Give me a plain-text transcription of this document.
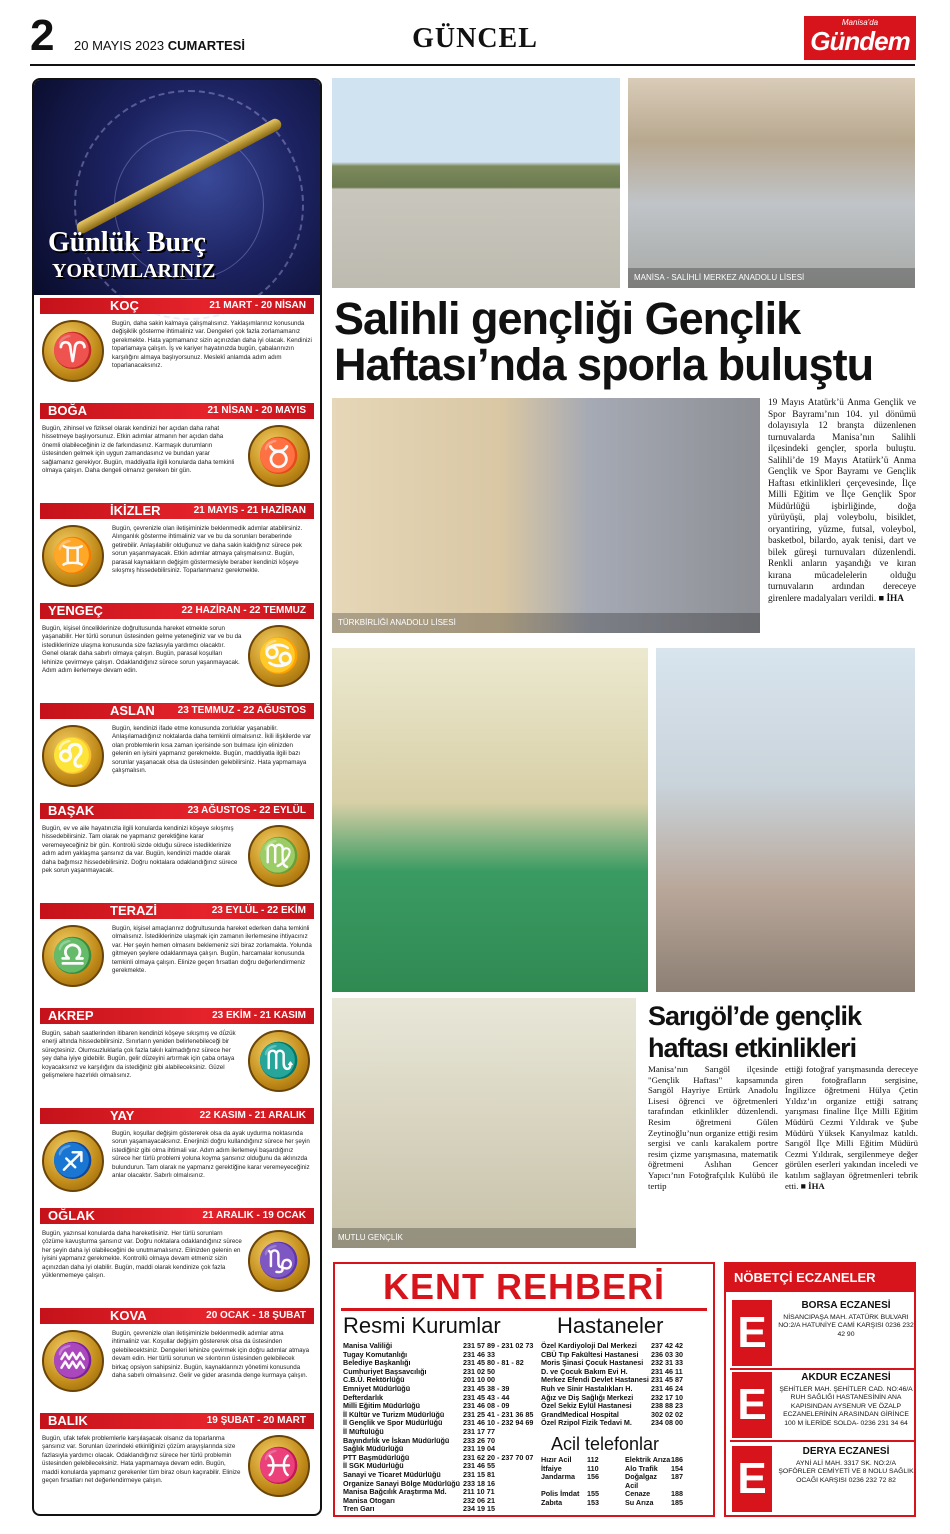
2 20 MAYIS 2023 CUMARTESİ	GÜNCEL
Manisa'da
Gündem
Günlük Burç
YORUMLARINIZ
KOÇ	21 MART - 20 NİSAN
♈
Bugün, daha sakin kalmaya çalışmalısınız. Yaklaşımlarınız konusunda değişiklik gösterme ihtimaliniz var. Dengeleri çok fazla zorlamamanız gerekmekte. Hata yapmamanız sizin açınızdan daha iyi olacak. Kendinizi toparlamaya çalışın. İş ve kariyer hayatınızda bugün, çabalarınızın karşılığını almaya başlıyorsunuz. Meslekî anlamda adım adım toparlanacaksınız.
BOĞA	21 NİSAN - 20 MAYIS
♉
Bugün, zihinsel ve fiziksel olarak kendinizi her açıdan daha rahat hissetmeye başlıyorsunuz. Etkin adımlar atmanın her açıdan daha önemli olabileceğinin iz de farkındasınız. Karmaşık durumların üstesinden gelmek için uygun zamandasınız ve bundan yarar sağlamanız gerekiyor. Bugün, maddiyatla ilgili konularda daha temkinli olmaya çalışın. Daha dengeli olmanız gereken bir gün.
İKİZLER	21 MAYIS - 21 HAZİRAN
♊
Bugün, çevrenizle olan iletişiminizle beklenmedik adımlar atabilirsiniz. Alınganlık gösterme ihtimaliniz var ve bu da sorunları beraberinde getirebilir. Anlaşılabilir olduğunuz ve daha sakin kaldığınız sürece pek sorun yaşanmayacak. Etkin adımlar atmaya çalışmalısınız. Bugün, parasal kaynakların değişim göstermesiyle beraber kendinizi köşeye sıkışmış hissedebilirsiniz. Toparlanmanız gerekmekte.
YENGEÇ	22 HAZİRAN - 22 TEMMUZ
♋
Bugün, kişisel önceliklerinize doğrultusunda hareket etmekte sorun yaşanabilir. Her türlü sorunun üstesinden gelme yeteneğiniz var ve bu da istediklerinize ulaşma konusunda size fazlasıyla yardımcı olacaktır. Genel olarak daha sabırlı olmaya çalışın. Bugün, parasal koşulları lehinize çevirmeye çalışın. Odaklandığınız sürece sorun yaşanmayacak. Adım adım ilerlemeye devam edin.
ASLAN 23 TEMMUZ - 22 AĞUSTOS
♌
Bugün, kendinizi ifade etme konusunda zorluklar yaşanabilir. Anlaşılamadığınız noktalarda daha temkinli olmalısınız. İkili ilişkilerde var olan problemlerin kısa zaman içerisinde son bulması için elinizden gelenin en iyisini yapmanız gerekmekte. Bugün, maddiyatla ilgili bazı sorunlar yaşanacak olsa da üstesinden gelebilirsiniz. Hata yapmamaya çalışmalısın.
BAŞAK	23 AĞUSTOS - 22 EYLÜL
♍
Bugün, ev ve aile hayatınızla ilgili konularda kendinizi köşeye sıkışmış hissedebilirsiniz. Tam olarak ne yapmanız gerektiğine karar veremeyeceğiniz bir gün. Kontrolü sizde olduğu sürece istediklerinize adım adım yaklaşma şansınız da var. Bugün, kendinizi madde olarak daha bağımsız hissedebilirsiniz. Doğru noktalara odaklandığınız sürece pek sorun yaşanmayacak.
TERAZİ	23 EYLÜL - 22 EKİM
♎
Bugün, kişisel amaçlarınız doğrultusunda hareket ederken daha temkinli olmalısınız. İstediklerinize ulaşmak için zamanın ilerlemesine ihtiyacınız var. Her şeyin hemen olmasını beklemeniz sizi biraz zorlamakta. Yolunda gitmeyen şeylere odaklanmaya çalışın. Bugün, harcamalar konusunda temkinli olmaya çalışın. Elinize geçen fırsatları doğru değerlendirmeniz gerekmekte.
AKREP	23 EKİM - 21 KASIM
♏
Bugün, sabah saatlerinden itibaren kendinizi köşeye sıkışmış ve dü̇zük enerji altında hissedebilirsiniz. Sınırların yeniden belirlenebileceği bir süreçtesiniz. Olumsuzluklarla çok fazla takılı kalmadığınız sürece her şey daha iyiye gidebilir. Bugün, gelir düzeyini artırmak için çaba ortaya koyacaksınız ve karşılığını da istediğiniz gibi alabileceksiniz. Güzel gelişmelere hazırlıklı olmalısınız.
YAY	22 KASIM - 21 ARALIK
♐
Bugün, koşullar değişim göstererek olsa da ayak uydurma noktasında sorun yaşamayacaksınız. Enerjinizi doğru kullandığınız sürece her şeyin istediğiniz gibi olma ihtimali var. Adım adım ilerlemeyi başardığınız sürece her türlü problemi yoluna koyma şansınız olduğunu da aklınızda bulundurun. Tam olarak ne yapmanız gerektiğine karar veremeyeceğiniz anlar olacaktır. Sabırlı olmalısınız.
OĞLAK	21 ARALIK - 19 OCAK
♑
Bugün, yazınsal konularda daha hareketlisiniz. Her türlü sorunlarn çözüme kavuşturma şansınız var. Doğru noktalara odaklandığınız sürece her şeyin daha iyi olabileceğini de unutmamalısınız. Elinizden gelenin en iyisini yapmanız gerekmekte. Kontrollü olmaya devam etmeniz sizin açınızdan daha iyi olabilir. Bugün, maddi olarak kendinize çok fazla yüklenmemeye çalışın.
KOVA	20 OCAK - 18 ŞUBAT
♒
Bugün, çevrenizle olan iletişiminizle beklenmedik adımlar atma ihtimaliniz var. Koşullar değişim göstererek olsa da üstesinden gelebilecektsiniz. Dengeleri lehinize çevirmek için doğru adımlar atmaya devam edin. Her türlü sorunun ve sıkıntının üstesinden gelebilecek birkaç opsiyon sahipsiniz. Bugün, kaynaklarınızı yönetimi konusunda daha sabırlı olmalısınız. Gelir ve gider arasında denge kurmaya çalışın.
BALIK	19 ŞUBAT - 20 MART
♓
Bugün, ufak tefek problemlerle karşılaşacak olsanız da toparlanma şansınız var. Sorunları üzerindeki etkinliğinizi çözüm arayışlarında size fazlasıyla yardımcı olacak. Odaklandığınız sürece her türlü problemin üstesinden gelebileceksiniz. Hata yapmamaya devam edin. Bugün, maddi konularda yapmanız gerekenler tüm biraz olsun kaçırabilir. Elinize geçen fırsatları net değerlendirmeye çalışın.
MANİSA - SALİHLİ MERKEZ ANADOLU LİSESİ
Salihli gençliği Gençlik Haftası’nda sporla buluştu
TÜRKBİRLİĞİ ANADOLU LİSESİ
19 Mayıs Atatürk’ü Anma Gençlik ve Spor Bayramı’nın 104. yıl dönümü dolayısıyla 12 branşta düzenlenen turnuvalarda Manisa’nın Salihli ilçesindeki gençler, sporla buluştu. Salihli’de 19 Mayıs Atatürk’ü Anma Gençlik ve Spor Bayramı ve Gençlik Haftası etkinlikleri çerçevesinde, İlçe Milli Eğitim ve İlçe Gençlik Spor Müdürlüğü işbirliğinde, doğa yürüyüşü, plaj voleybolu, bisiklet, oryantiring, yüzme, futsal, voleybol, basketbol, bilardo, ayak tenisi, dart ve bilek güreşi turnuvaları düzenlendi. Renkli anların yaşandığı ve kıran kırana mücadelelerin olduğu turnuvaların ardından dereceye girenlere madalyaları verildi. ■ İHA
MUTLU GENÇLİK
Sarıgöl’de gençlik haftası etkinlikleri
Manisa’nın Sarıgöl ilçesinde "Gençlik Haftası" kapsamında Sarıgöl Hayriye Ertürk Anadolu Lisesi öğrenci ve öğretmenleri tarafından etkinlikler düzenlendi. Resim öğretmeni Gülen Zeytinoğlu’nun organize ettiği resim sergisi ve canlı karakalem portre resim çizme yarışmasına, matematik öğretmeni Aslıhan Gencer Yapıcı’nın Fotoğrafçılık Kulübü ile tertip
ettiği fotoğraf yarışmasında dereceye giren fotoğrafların sergisine, İngilizce öğretmeni Hülya Çetin Yıldız’ın organize ettiği satranç yarışması finaline İlçe Milli Eğitim Müdürü Cezmi Yıldırak ve Şube Müdürü Yüksek Kanyılmaz katıldı. Sarıgöl İlçe Milli Eğitim Müdürü Cezmi Yıldırak, sergilenmeye değer görülen eserleri yakından inceledi ve katılım sağlayan öğretmenleri tebrik etti. ■ İHA
KENT REHBERİ
Resmi Kurumlar	Hastaneler
Manisa Valiliği	231 57 89 - 231 02 73
Tugay Komutanlığı	231 46 33
Belediye Başkanlığı	231 45 80 - 81 - 82
Cumhuriyet Başsavcılığı	231 02 50
C.B.Ü. Rektörlüğü	201 10 00
Emniyet Müdürlüğü	231 45 38 - 39
Defterdarlık	231 45 43 - 44
Milli Eğitim Müdürlüğü	231 46 08 - 09
İl Kültür ve Turizm Müdürlüğü	231 25 41 - 231 36 85
İl Gençlik ve Spor Müdürlüğü	231 46 10 - 232 94 69
İl Müftülüğü	231 17 77
Bayındırlık ve İskan Müdürlüğü	233 26 70
Sağlık Müdürlüğü	231 19 04
PTT Başmüdürlüğü	231 62 20 - 237 70 07
İl SGK Müdürlüğü	231 46 55
Sanayi ve Ticaret Müdürlüğü	231 15 81
Organize Sanayi Bölge Müdürlüğü 233 18 16
Manisa Bağcılık Araştırma Md.	211 10 71
Manisa Otogarı	232 06 21
Tren Garı	234 19 15
Özel Kardiyoloji Dal Merkezi	237 42 42
CBÜ Tıp Fakültesi Hastanesi	236 03 30
Moris Şinasi Çocuk Hastanesi	232 31 33
D. ve Çocuk Bakım Evi H.	231 46 11
Merkez Efendi Devlet Hastanesi 231 45 87
Ruh ve Sinir Hastalıkları H.	231 46 24
Ağız ve Diş Sağlığı Merkezi	232 17 10
Özel Sekiz Eylül Hastanesi	238 88 23
GrandMedical Hospital	302 02 02
Özel Rzipol Fizik Tedavi M.	234 08 00
Acil telefonlar
Hızır Acil	112	Elektrik Arıza 186
İtfaiye	110	Alo Trafik	154
Jandarma	156	Doğalgaz Acil
187
Polis İmdat	155	Cenaze	188
Zabıta	153	Su Arıza	185
NÖBETÇİ ECZANELER
E
BORSA ECZANESİ
NİSANCIPAŞA MAH. ATATÜRK BULVARI NO:2/A HATUNİYE CAMİ KARŞISI 0236 232 42 90
E
AKDUR ECZANESİ
ŞEHİTLER MAH. ŞEHİTLER CAD. NO:46/A RUH SAĞLIĞI HASTANESİNİN ANA KAPISINDAN AYSENUR VE ÖZALP ECZANELERİNİN ARASINDAN GİRİNCE 100 M İLERİDE SOLDA- 0236 231 34 64
E
DERYA ECZANESİ
AYNİ ALİ MAH. 3317 SK. NO:2/A ŞOFÖRLER CEMİYETİ VE 8 NOLU SAĞLIK OCAĞI KARŞISI 0236 232 72 82
